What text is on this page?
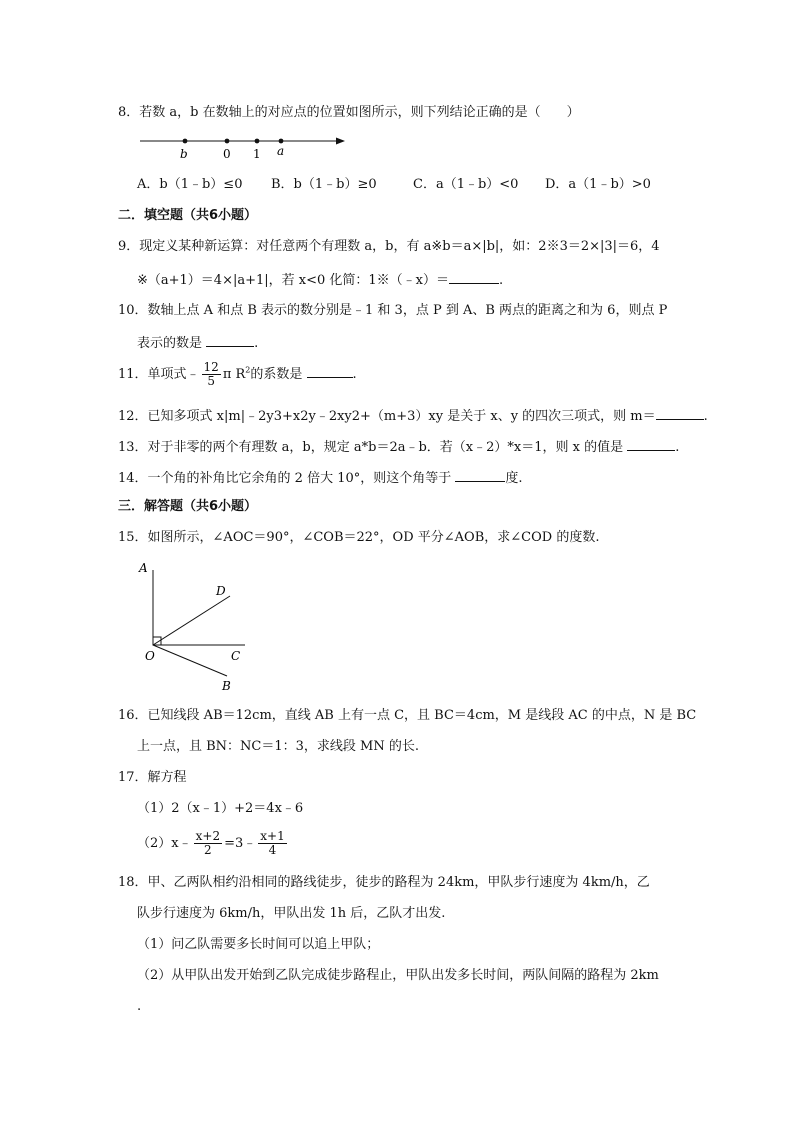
8．若数 a，b 在数轴上的对应点的位置如图所示，则下列结论正确的是（　　）
b	0 1 a
A．b（1﹣b）≤0 B．b（1﹣b）≥0	C．a（1﹣b）<0 D．a（1﹣b）>0
二．填空题（共6小题）
9．现定义某种新运算：对任意两个有理数 a，b，有 a※b＝a×|b|，如：2※3＝2×|3|＝6，4
※（a+1）＝4×|a+1|，若 x<0 化简：1※（﹣x）＝	.
10．数轴上点 A 和点 B 表示的数分别是﹣1 和 3，点 P 到 A、B 两点的距离之和为 6，则点 P
表示的数是	.
11．单项式﹣ $\frac{12}{5}$ π $R^2$的系数是	.
12．已知多项式 x|m|﹣2y3+x2y﹣2xy2+（m+3）xy 是关于 x、y 的四次三项式，则 m＝	.
13．对于非零的两个有理数 a，b，规定 a*b＝2a﹣b．若（x﹣2）*x＝1，则 x 的值是	.
14．一个角的补角比它余角的 2 倍大 10°，则这个角等于	度.
三．解答题（共6小题）
15．如图所示，∠AOC＝90°，∠COB＝22°，OD 平分∠AOB，求∠COD 的度数.
A
D
O	C
B
16．已知线段 AB＝12cm，直线 AB 上有一点 C，且 BC＝4cm，M 是线段 AC 的中点，N 是 BC
上一点，且 BN：NC＝1：3，求线段 MN 的长.
17．解方程
（1）2（x﹣1）+2＝4x﹣6
（2）x﹣ $\frac{x+2}{2}$ =3﹣ $\frac{x+1}{4}$
18．甲、乙两队相约沿相同的路线徒步，徒步的路程为 24km，甲队步行速度为 4km/h，乙
队步行速度为 6km/h，甲队出发 1h 后，乙队才出发.
（1）问乙队需要多长时间可以追上甲队；
（2）从甲队出发开始到乙队完成徒步路程止，甲队出发多长时间，两队间隔的路程为 2km
.
